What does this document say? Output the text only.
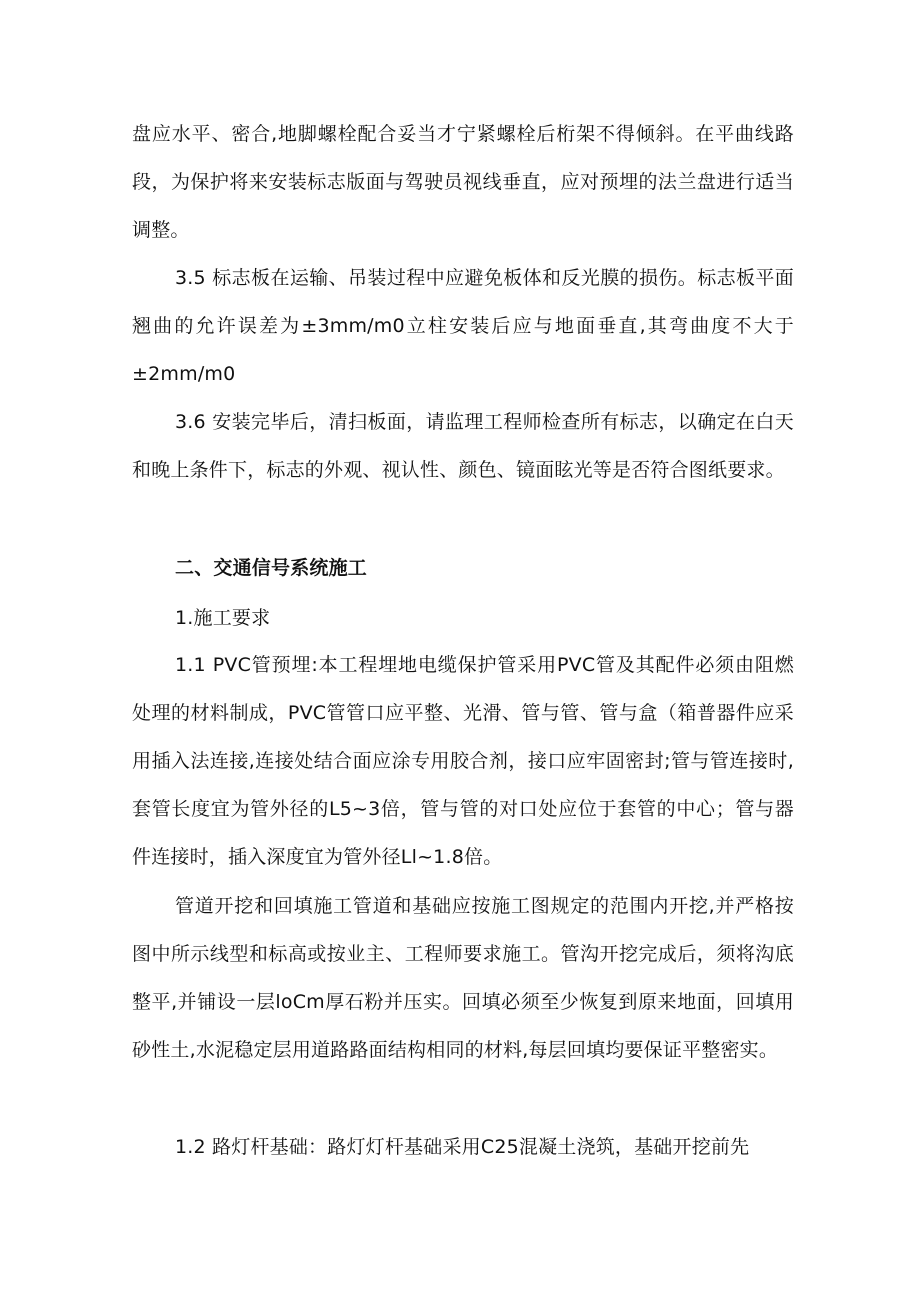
盘应水平、密合,地脚螺栓配合妥当才宁紧螺栓后桁架不得倾斜。在平曲线路段，为保护将来安装标志版面与驾驶员视线垂直，应对预埋的法兰盘进行适当调整。

3.5 标志板在运输、吊装过程中应避免板体和反光膜的损伤。标志板平面翘曲的允许误差为±3mm∕m0立柱安装后应与地面垂直,其弯曲度不大于±2mm∕m0

3.6 安装完毕后，清扫板面，请监理工程师检查所有标志，以确定在白天和晚上条件下，标志的外观、视认性、颜色、镜面眩光等是否符合图纸要求。

二、交通信号系统施工

1.施工要求

1.1 PVC管预埋:本工程埋地电缆保护管采用PVC管及其配件必须由阻燃处理的材料制成，PVC管管口应平整、光滑、管与管、管与盒（箱普器件应采用插入法连接,连接处结合面应涂专用胶合剂，接口应牢固密封;管与管连接时,套管长度宜为管外径的L5~3倍，管与管的对口处应位于套管的中心；管与器件连接时，插入深度宜为管外径Ll~1.8倍。

管道开挖和回填施工管道和基础应按施工图规定的范围内开挖,并严格按图中所示线型和标高或按业主、工程师要求施工。管沟开挖完成后，须将沟底整平,并铺设一层loCm厚石粉并压实。回填必须至少恢复到原来地面，回填用砂性土,水泥稳定层用道路路面结构相同的材料,每层回填均要保证平整密实。

1.2 路灯杆基础：路灯灯杆基础采用C25混凝土浇筑，基础开挖前先
